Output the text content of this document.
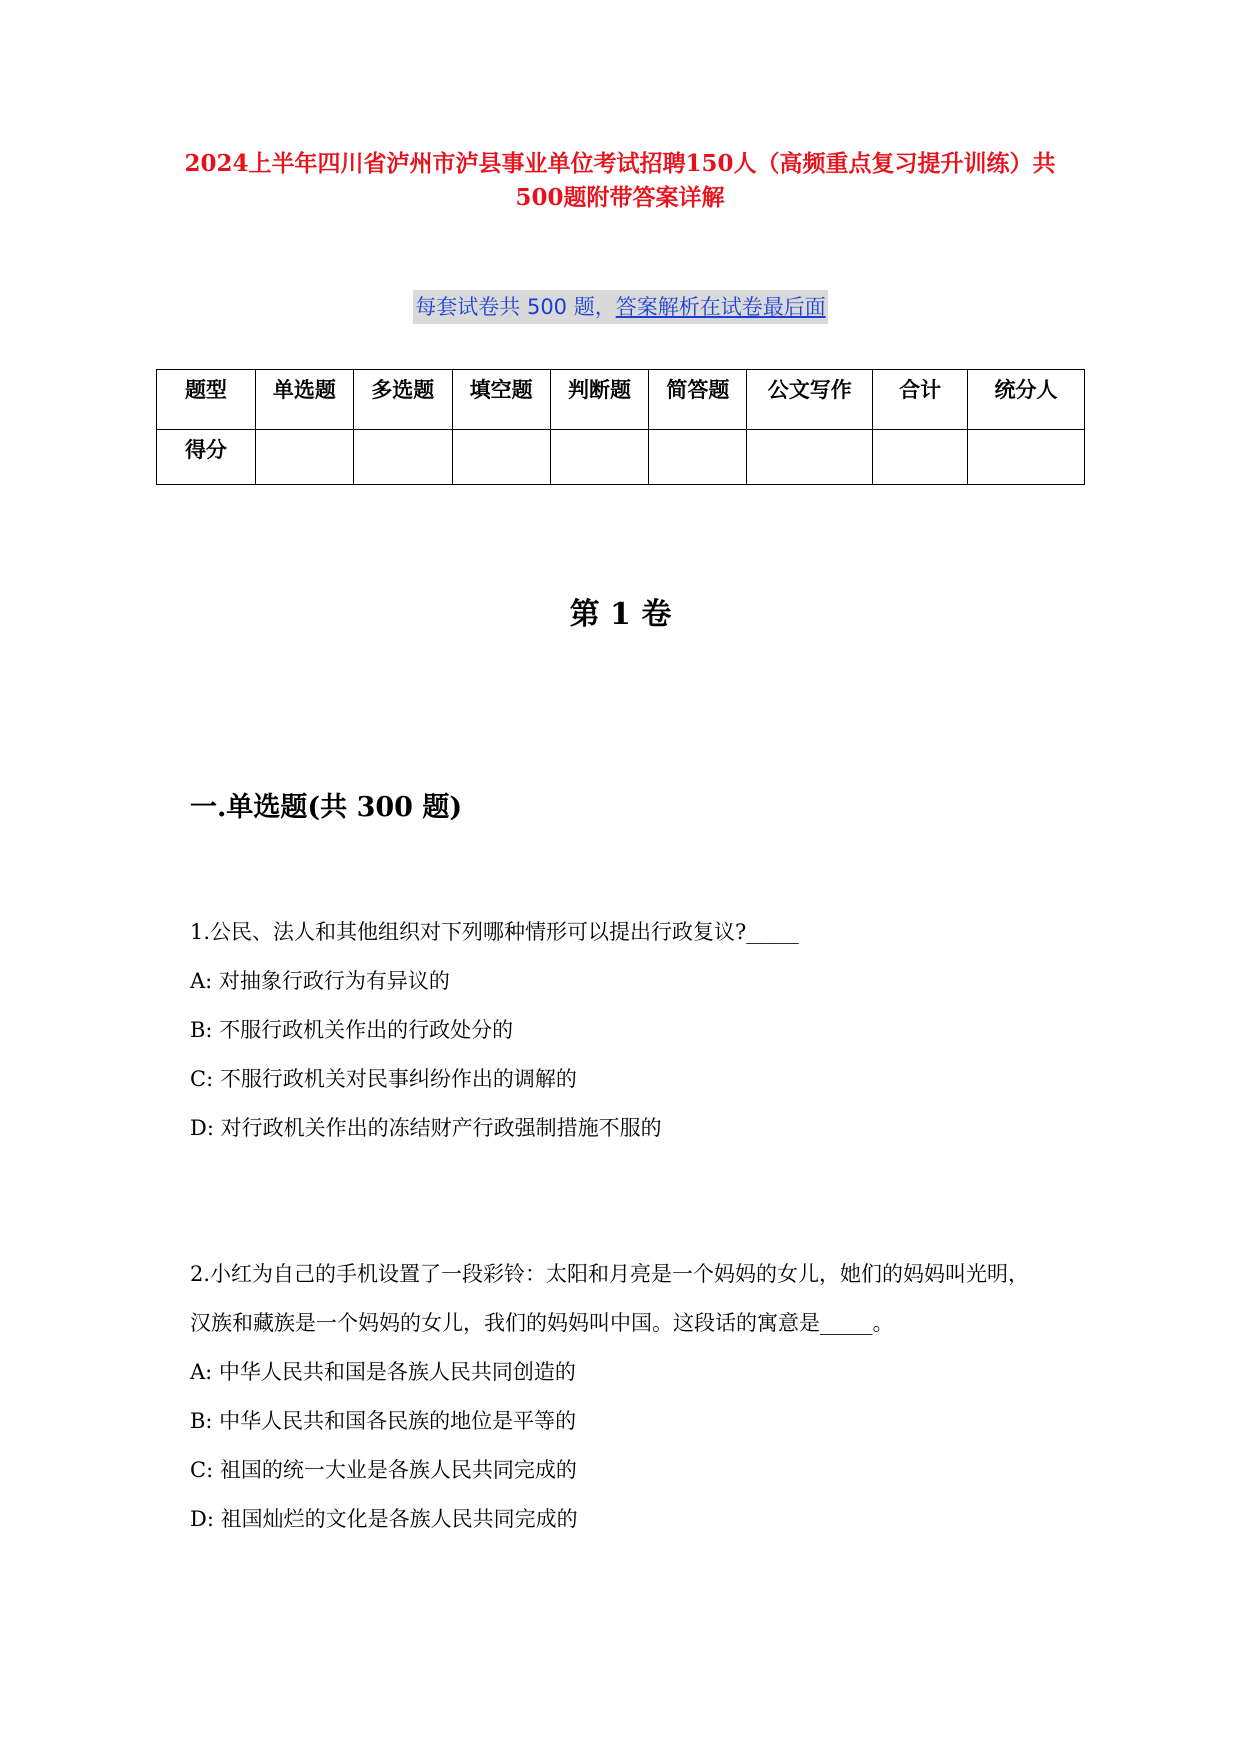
2024上半年四川省泸州市泸县事业单位考试招聘150人（高频重点复习提升训练）共500题附带答案详解
每套试卷共 500 题，答案解析在试卷最后面
题型	单选题	多选题	填空题	判断题	简答题	公文写作	合计	统分人
得分								
第 1 卷
一.单选题(共 300 题)

1.公民、法人和其他组织对下列哪种情形可以提出行政复议?_____

A: 对抽象行政行为有异议的

B: 不服行政机关作出的行政处分的

C: 不服行政机关对民事纠纷作出的调解的

D: 对行政机关作出的冻结财产行政强制措施不服的

2.小红为自己的手机设置了一段彩铃：太阳和月亮是一个妈妈的女儿，她们的妈妈叫光明，汉族和藏族是一个妈妈的女儿，我们的妈妈叫中国。这段话的寓意是_____。

A: 中华人民共和国是各族人民共同创造的

B: 中华人民共和国各民族的地位是平等的

C: 祖国的统一大业是各族人民共同完成的

D: 祖国灿烂的文化是各族人民共同完成的
